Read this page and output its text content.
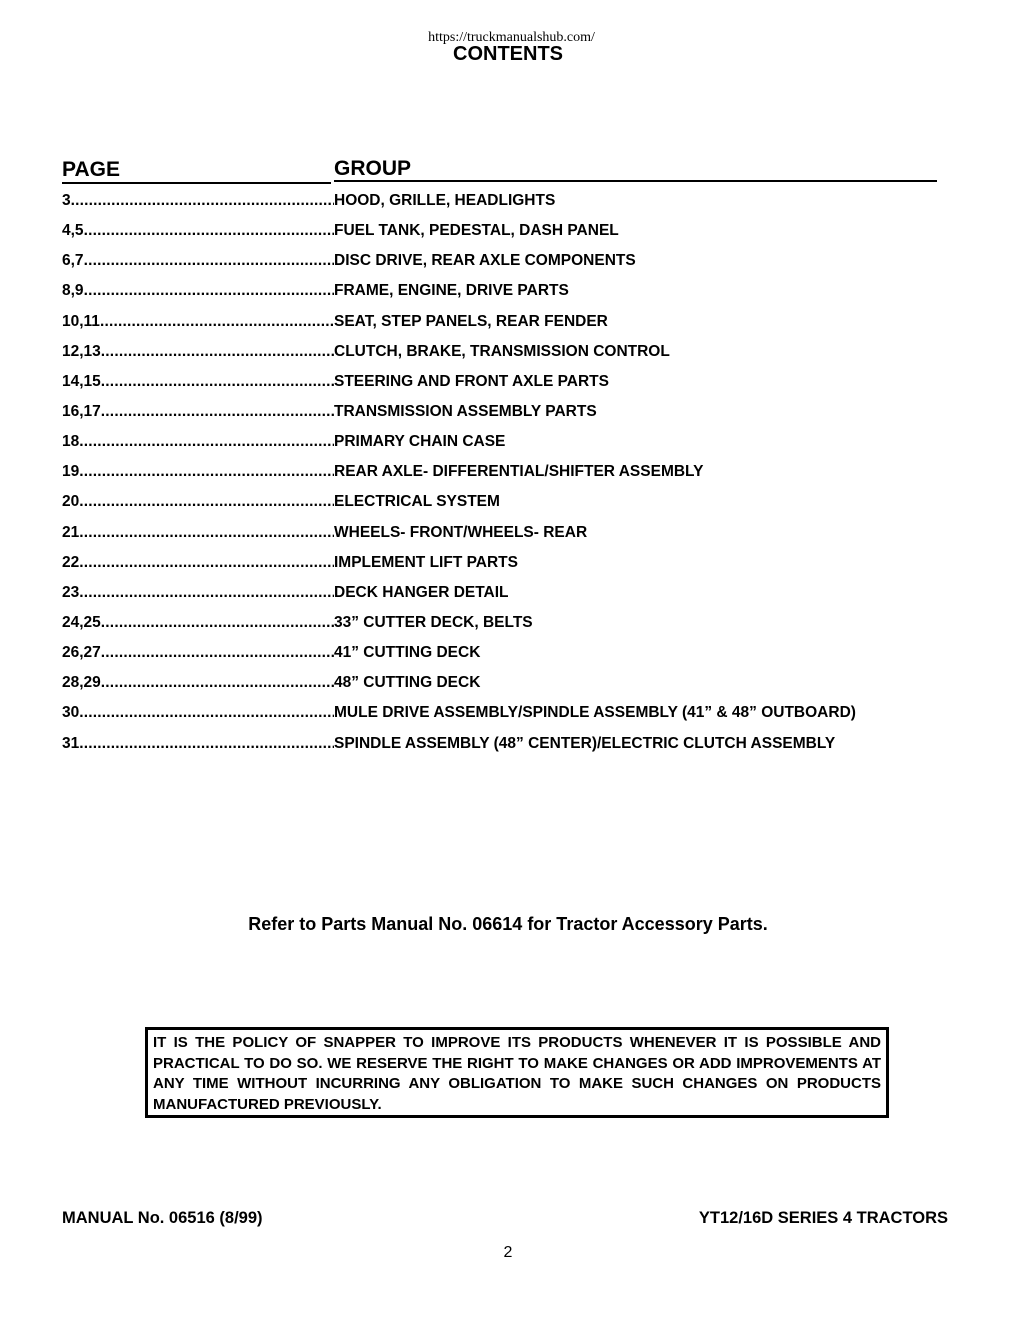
https://truckmanualshub.com/
CONTENTS
PAGE	GROUP
3 .....	HOOD, GRILLE, HEADLIGHTS
4,5 .....	FUEL TANK, PEDESTAL, DASH PANEL
6,7 .....	DISC DRIVE, REAR AXLE COMPONENTS
8,9 .....	FRAME, ENGINE, DRIVE PARTS
10,11 .....	SEAT, STEP PANELS, REAR FENDER
12,13 .....	CLUTCH, BRAKE, TRANSMISSION CONTROL
14,15 .....	STEERING AND FRONT AXLE PARTS
16,17 .....	TRANSMISSION ASSEMBLY PARTS
18 .....	PRIMARY CHAIN CASE
19 .....	REAR AXLE- DIFFERENTIAL/SHIFTER ASSEMBLY
20 .....	ELECTRICAL SYSTEM
21 .....	WHEELS- FRONT/WHEELS- REAR
22 .....	IMPLEMENT LIFT PARTS
23 .....	DECK HANGER DETAIL
24,25 .....	33” CUTTER DECK, BELTS
26,27 .....	41” CUTTING DECK
28,29 .....	48” CUTTING DECK
30 .....	MULE DRIVE ASSEMBLY/SPINDLE ASSEMBLY (41” & 48” OUTBOARD)
31 .....	SPINDLE ASSEMBLY (48” CENTER)/ELECTRIC CLUTCH ASSEMBLY
Refer to Parts Manual No. 06614 for Tractor Accessory Parts.
IT IS THE POLICY OF SNAPPER TO IMPROVE ITS PRODUCTS WHENEVER IT IS POSSIBLE AND PRACTICAL TO DO SO. WE RESERVE THE RIGHT TO MAKE CHANGES OR ADD IMPROVEMENTS AT ANY TIME WITHOUT INCURRING ANY OBLIGATION TO MAKE SUCH CHANGES ON PRODUCTS MANUFACTURED PREVIOUSLY.
MANUAL No. 06516 (8/99)	YT12/16D SERIES 4 TRACTORS
2
